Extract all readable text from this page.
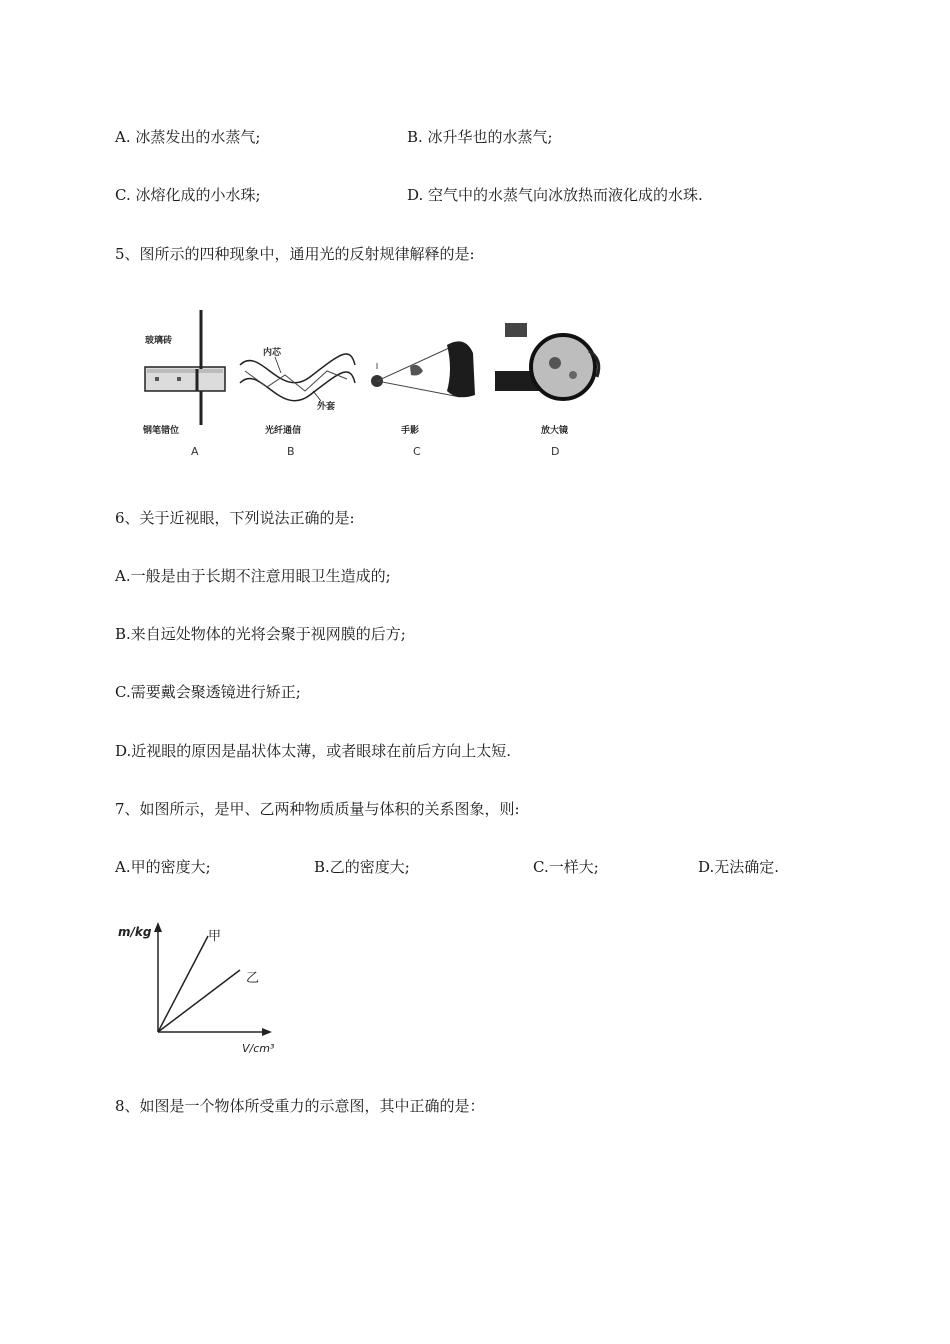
A. 冰蒸发出的水蒸气;	B. 冰升华也的水蒸气;
C. 冰熔化成的小水珠;	D. 空气中的水蒸气向冰放热而液化成的水珠.
5、图所示的四种现象中，通用光的反射规律解释的是:
玻璃砖
钢笔错位
A
内芯
外套
光纤通信
B
手影
C
放大镜
D
6、关于近视眼，下列说法正确的是:
A.一般是由于长期不注意用眼卫生造成的;
B.来自远处物体的光将会聚于视网膜的后方;
C.需要戴会聚透镜进行矫正;
D.近视眼的原因是晶状体太薄，或者眼球在前后方向上太短.
7、如图所示，是甲、乙两种物质质量与体积的关系图象，则:
A.甲的密度大;	B.乙的密度大;	C.一样大;	D.无法确定.
m/kg
V/cm³
甲
乙
8、如图是一个物体所受重力的示意图，其中正确的是：
